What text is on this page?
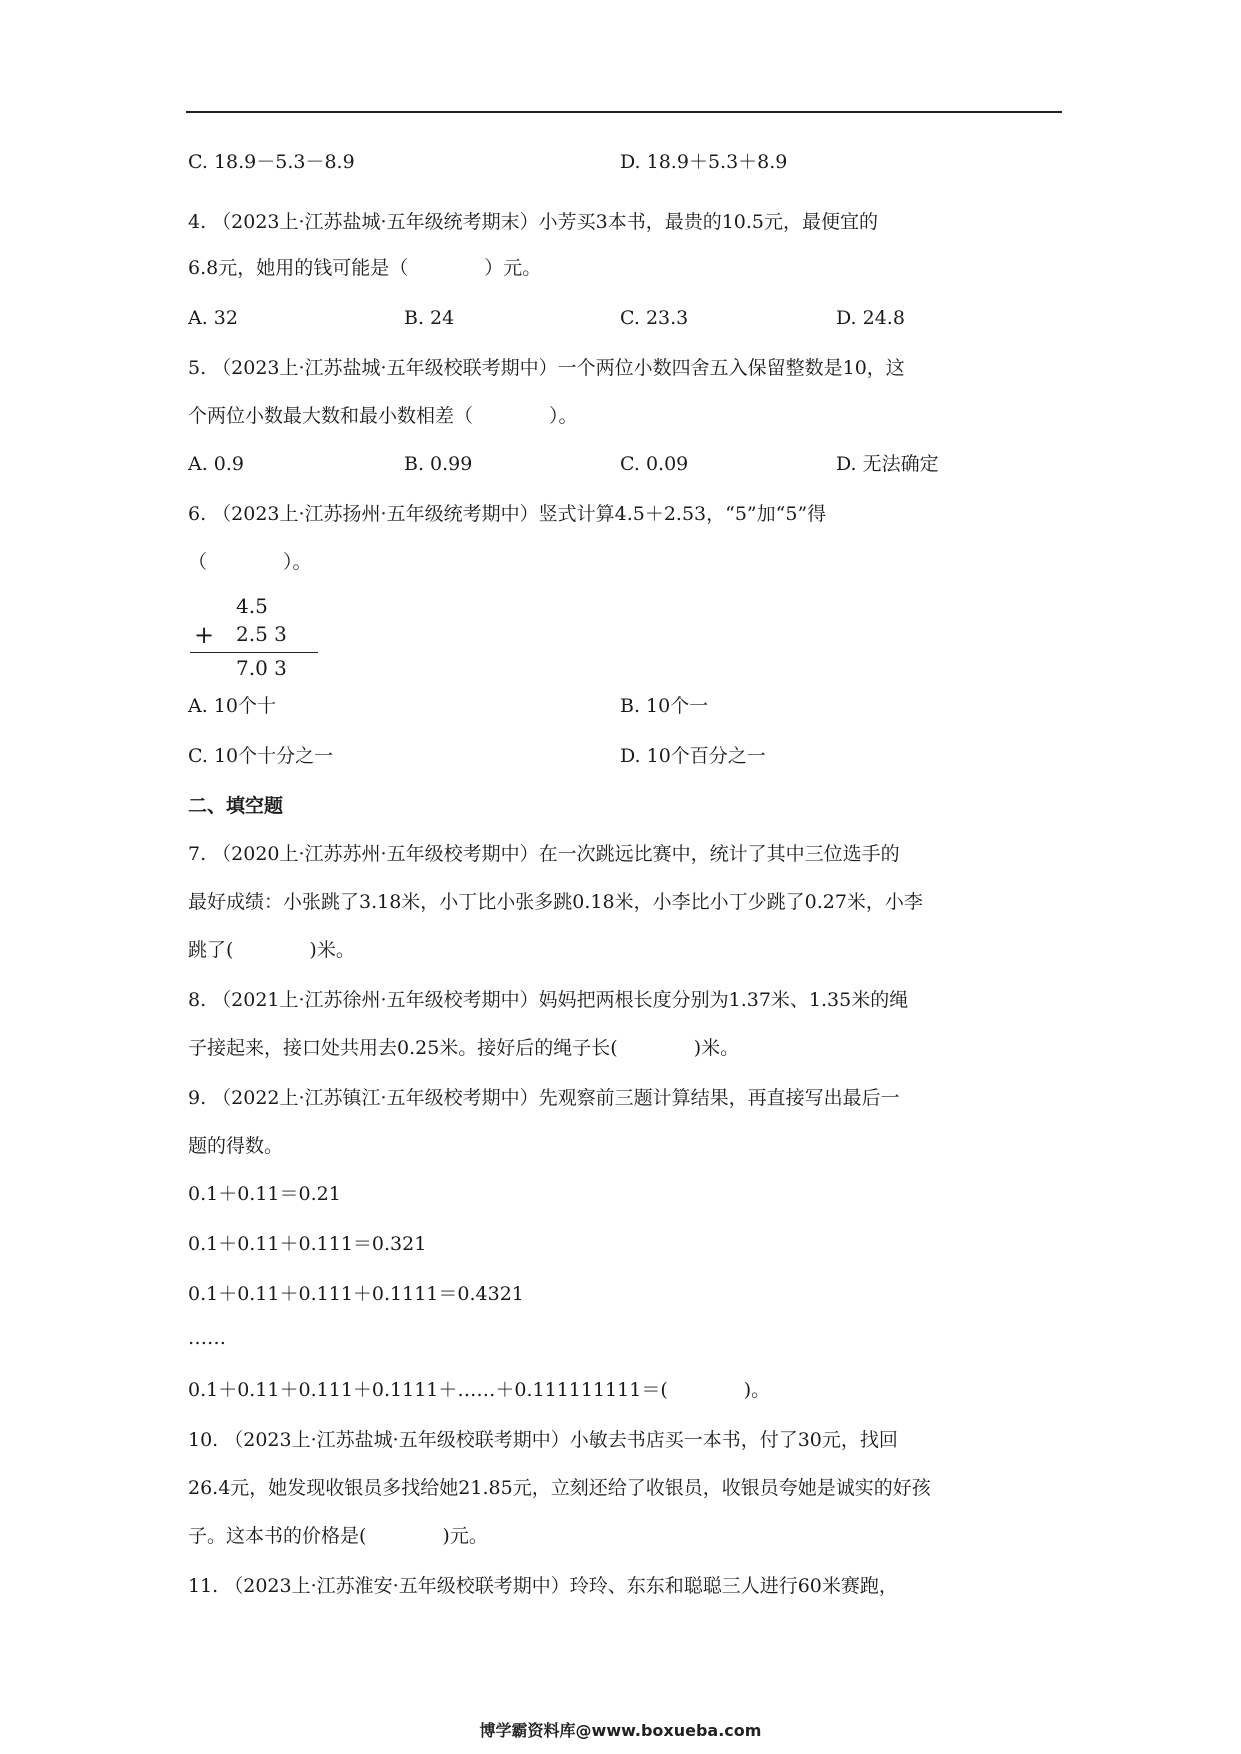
C. 18.9－5.3－8.9	D. 18.9＋5.3＋8.9
4. （2023上·江苏盐城·五年级统考期末）小芳买3本书，最贵的10.5元，最便宜的
6.8元，她用的钱可能是（　　　　）元。
A. 32	B. 24	C. 23.3	D. 24.8
5. （2023上·江苏盐城·五年级校联考期中）一个两位小数四舍五入保留整数是10，这
个两位小数最大数和最小数相差（　　　　）。
A. 0.9	B. 0.99	C. 0.09	D. 无法确定
6. （2023上·江苏扬州·五年级统考期中）竖式计算4.5＋2.53，“5”加“5”得
（　　　　）。
4.5
+ 2.5 3
7.0 3
A. 10个十	B. 10个一
C. 10个十分之一	D. 10个百分之一
二、填空题
7. （2020上·江苏苏州·五年级校考期中）在一次跳远比赛中，统计了其中三位选手的
最好成绩：小张跳了3.18米，小丁比小张多跳0.18米，小李比小丁少跳了0.27米，小李
跳了(　　　　)米。
8. （2021上·江苏徐州·五年级校考期中）妈妈把两根长度分别为1.37米、1.35米的绳
子接起来，接口处共用去0.25米。接好后的绳子长(　　　　)米。
9. （2022上·江苏镇江·五年级校考期中）先观察前三题计算结果，再直接写出最后一
题的得数。
0.1＋0.11＝0.21
0.1＋0.11＋0.111＝0.321
0.1＋0.11＋0.111＋0.1111＝0.4321
……
0.1＋0.11＋0.111＋0.1111＋……＋0.111111111＝(　　　　)。
10. （2023上·江苏盐城·五年级校联考期中）小敏去书店买一本书，付了30元，找回
26.4元，她发现收银员多找给她21.85元，立刻还给了收银员，收银员夸她是诚实的好孩
子。这本书的价格是(　　　　)元。
11. （2023上·江苏淮安·五年级校联考期中）玲玲、东东和聪聪三人进行60米赛跑，
博学霸资料库@www.boxueba.com
